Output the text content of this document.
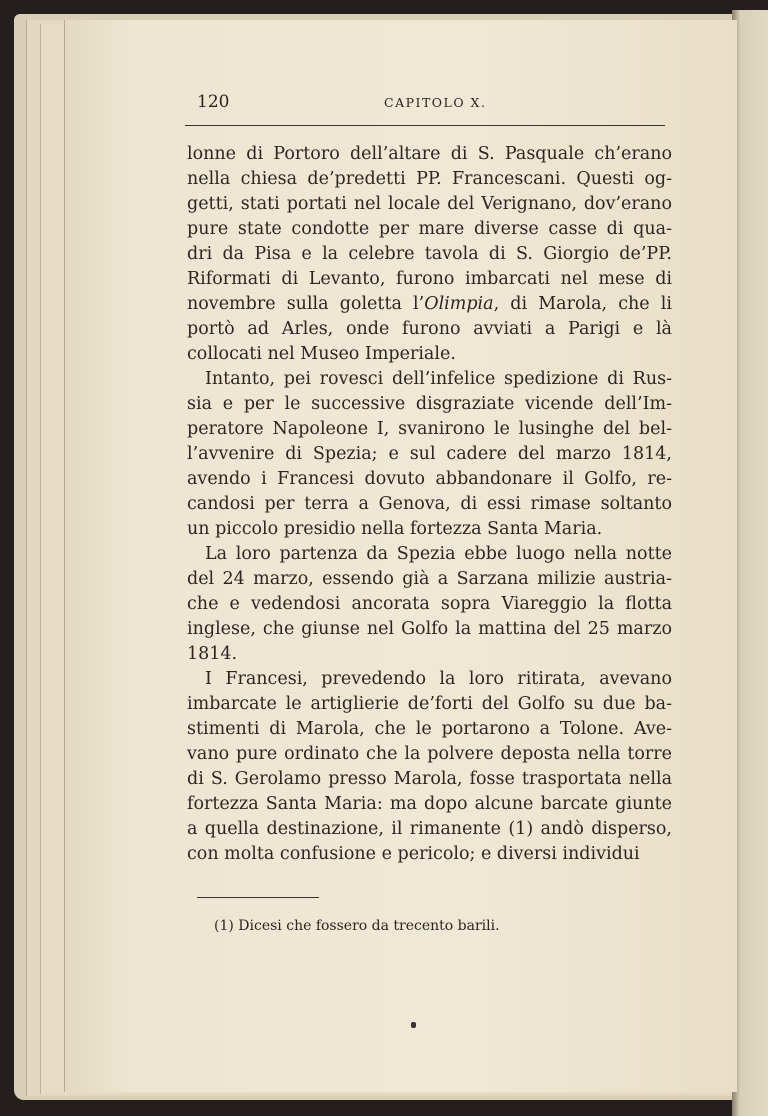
120	CAPITOLO X.
lonne di Portoro dell’altare di S. Pasquale ch’erano
nella chiesa de’predetti PP. Francescani. Questi og-
getti, stati portati nel locale del Verignano, dov’erano
pure state condotte per mare diverse casse di qua-
dri da Pisa e la celebre tavola di S. Giorgio de’PP.
Riformati di Levanto, furono imbarcati nel mese di
novembre sulla goletta l’Olimpia, di Marola, che li
portò ad Arles, onde furono avviati a Parigi e là
collocati nel Museo Imperiale.
Intanto, pei rovesci dell’infelice spedizione di Rus-
sia e per le successive disgraziate vicende dell’Im-
peratore Napoleone I, svanirono le lusinghe del bel-
l’avvenire di Spezia; e sul cadere del marzo 1814,
avendo i Francesi dovuto abbandonare il Golfo, re-
candosi per terra a Genova, di essi rimase soltanto
un piccolo presidio nella fortezza Santa Maria.
La loro partenza da Spezia ebbe luogo nella notte
del 24 marzo, essendo già a Sarzana milizie austria-
che e vedendosi ancorata sopra Viareggio la flotta
inglese, che giunse nel Golfo la mattina del 25 marzo
1814.
I Francesi, prevedendo la loro ritirata, avevano
imbarcate le artiglierie de’forti del Golfo su due ba-
stimenti di Marola, che le portarono a Tolone. Ave-
vano pure ordinato che la polvere deposta nella torre
di S. Gerolamo presso Marola, fosse trasportata nella
fortezza Santa Maria: ma dopo alcune barcate giunte
a quella destinazione, il rimanente (1) andò disperso,
con molta confusione e pericolo; e diversi individui
(1) Dicesi che fossero da trecento barili.
